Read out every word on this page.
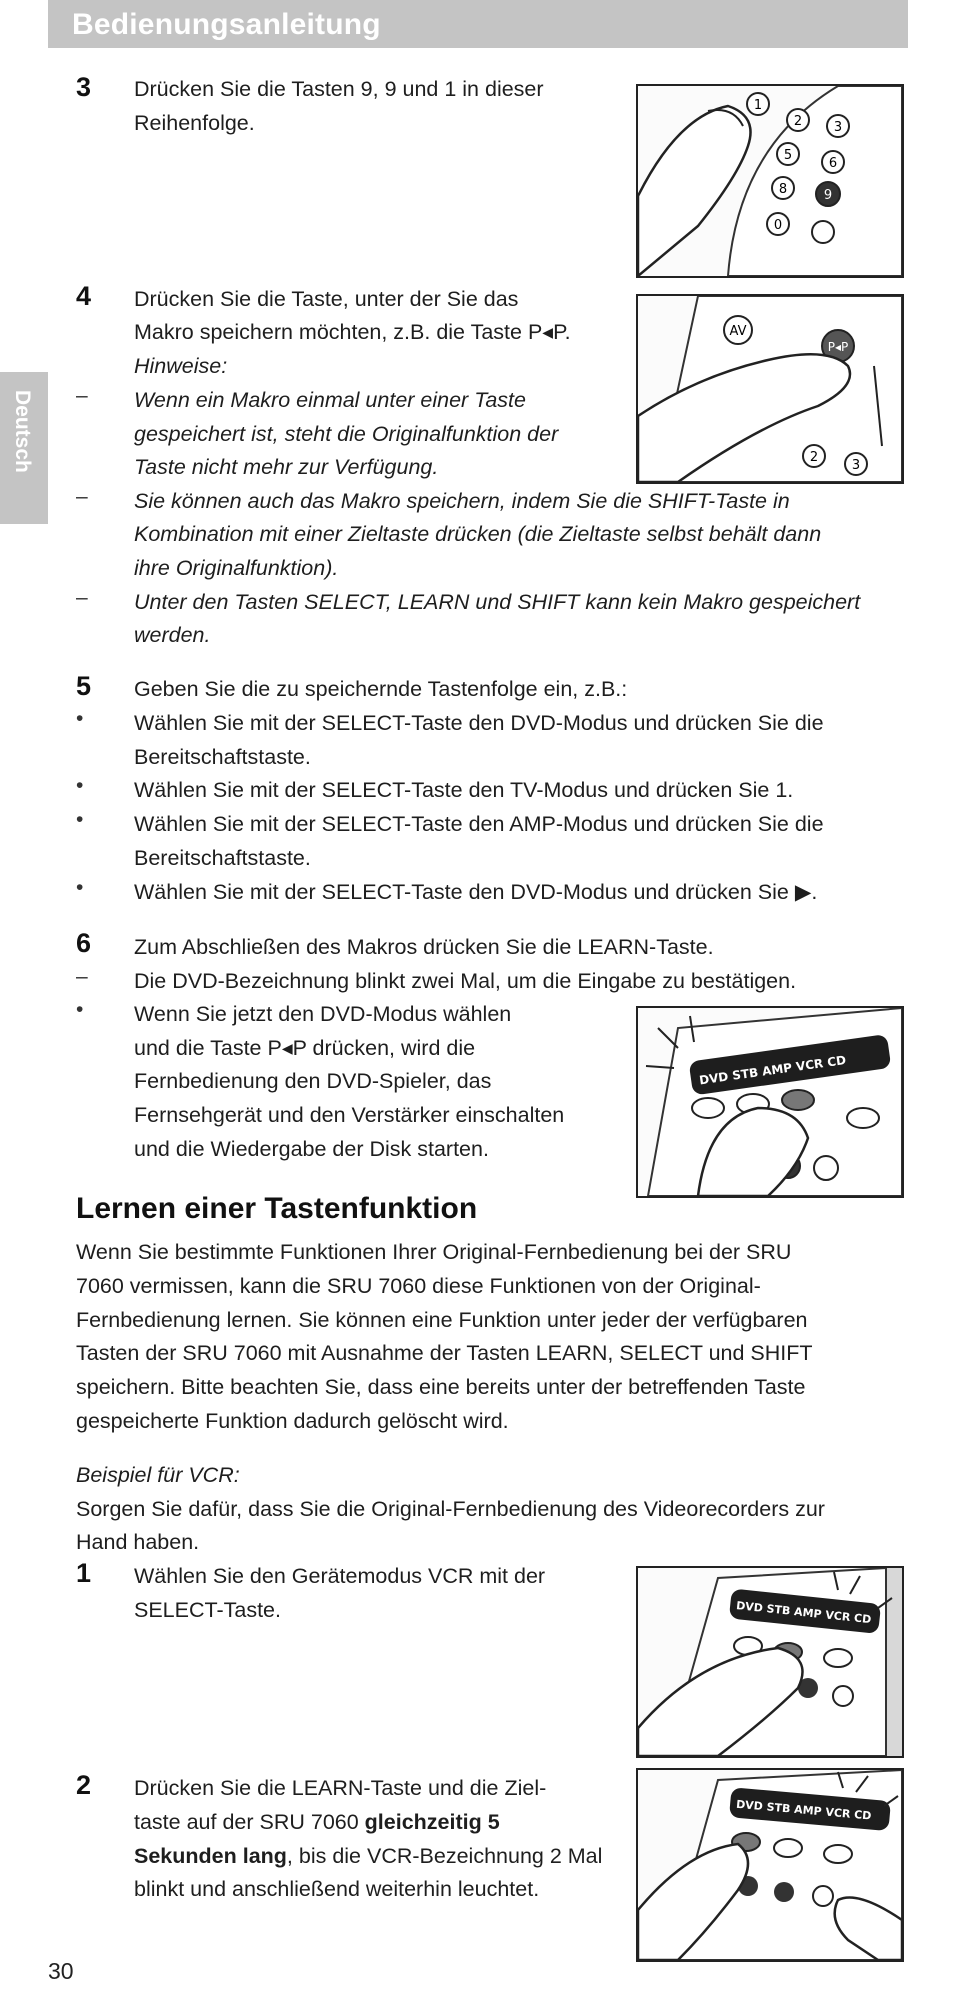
Bedienungsanleitung
Deutsch
3 Drücken Sie die Tasten 9, 9 und 1 in dieser
Reihenfolge.
1
2 3
5
6
9
8
0
4 Drücken Sie die Taste, unter der Sie das
Makro speichern möchten, z.B. die Taste P◂P.
Hinweise:
– Wenn ein Makro einmal unter einer Taste
gespeichert ist, steht die Originalfunktion der
Taste nicht mehr zur Verfügung.
– Sie können auch das Makro speichern, indem Sie die SHIFT-Taste in
Kombination mit einer Zieltaste drücken (die Zieltaste selbst behält dann
ihre Originalfunktion).
– Unter den Tasten SELECT, LEARN und SHIFT kann kein Makro gespeichert
werden.
AV
P◂P
2
3
5 Geben Sie die zu speichernde Tastenfolge ein, z.B.:
• Wählen Sie mit der SELECT-Taste den DVD-Modus und drücken Sie die
Bereitschaftstaste.
• Wählen Sie mit der SELECT-Taste den TV-Modus und drücken Sie 1.
• Wählen Sie mit der SELECT-Taste den AMP-Modus und drücken Sie die
Bereitschaftstaste.
• Wählen Sie mit der SELECT-Taste den DVD-Modus und drücken Sie ▶.
6 Zum Abschließen des Makros drücken Sie die LEARN-Taste.
– Die DVD-Bezeichnung blinkt zwei Mal, um die Eingabe zu bestätigen.
• Wenn Sie jetzt den DVD-Modus wählen
und die Taste P◂P drücken, wird die
Fernbedienung den DVD-Spieler, das
Fernsehgerät und den Verstärker einschalten
und die Wiedergabe der Disk starten.
DVD STB AMP VCR CD
Lernen einer Tastenfunktion
Wenn Sie bestimmte Funktionen Ihrer Original-Fernbedienung bei der SRU
7060 vermissen, kann die SRU 7060 diese Funktionen von der Original-
Fernbedienung lernen. Sie können eine Funktion unter jeder der verfügbaren
Tasten der SRU 7060 mit Ausnahme der Tasten LEARN, SELECT und SHIFT
speichern. Bitte beachten Sie, dass eine bereits unter der betreffenden Taste
gespeicherte Funktion dadurch gelöscht wird.
Beispiel für VCR:
Sorgen Sie dafür, dass Sie die Original-Fernbedienung des Videorecorders zur
Hand haben.
1 Wählen Sie den Gerätemodus VCR mit der
SELECT-Taste.	DVD STB AMP VCR CD
2 Drücken Sie die LEARN-Taste und die Ziel-
taste auf der SRU 7060 gleichzeitig 5
Sekunden lang, bis die VCR-Bezeichnung 2 Mal
blinkt und anschließend weiterhin leuchtet.
DVD STB AMP VCR CD
30
